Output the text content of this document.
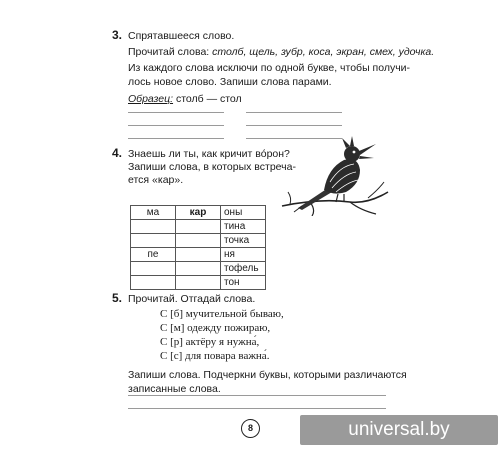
3. Спрятавшееся слово.
Прочитай слова: столб, щель, зубр, коса, экран, смех, удочка.
Из каждого слова исключи по одной букве, чтобы получи-
лось новое слово. Запиши слова парами.
Образец: столб — стол
4. Знаешь ли ты, как кричит во́рон?
Запиши слова, в которых встреча-
ется «кар».
ма	кар	оны
		тина
		точка
пе		ня
		тофель
		тон
5. Прочитай. Отгадай слова.
С [б] мучительной бываю,
С [м] одежду пожираю,
С [р] актёру я нужна́,
С [с] для повара важна́.
Запиши слова. Подчеркни буквы, которыми различаются
записанные слова.
8	universal.by
